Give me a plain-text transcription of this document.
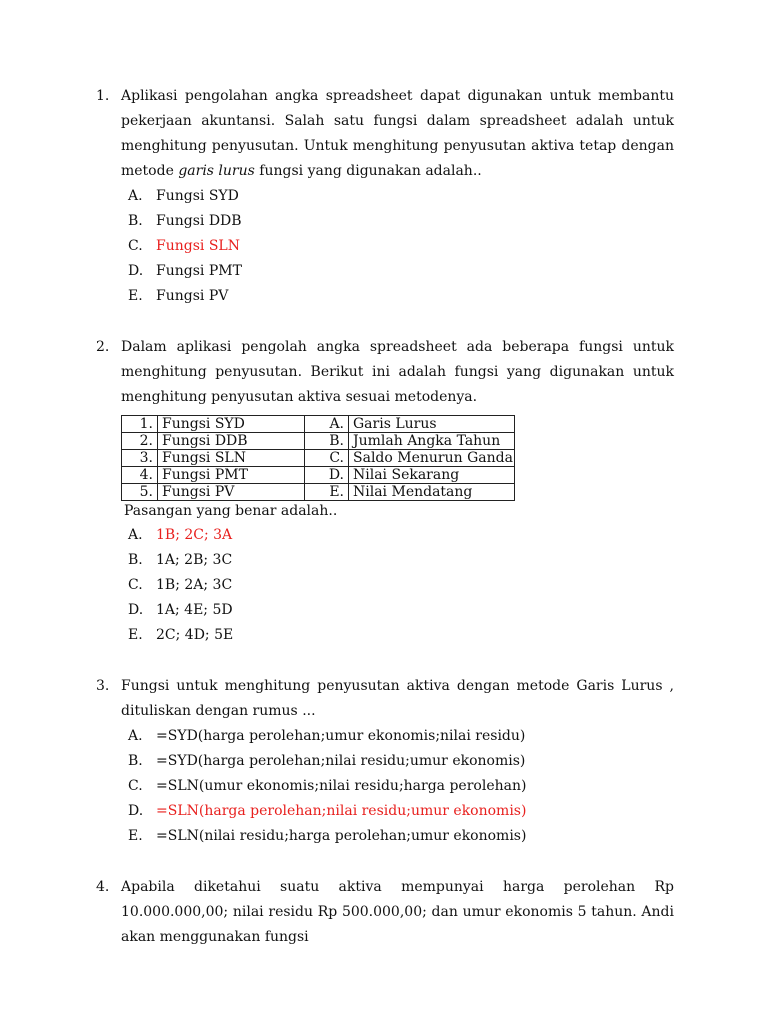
1. Aplikasi pengolahan angka spreadsheet dapat digunakan untuk membantu pekerjaan akuntansi. Salah satu fungsi dalam spreadsheet adalah untuk menghitung penyusutan. Untuk menghitung penyusutan aktiva tetap dengan metode garis lurus fungsi yang digunakan adalah..
A. Fungsi SYD
B. Fungsi DDB
C. Fungsi SLN
D. Fungsi PMT
E. Fungsi PV
2. Dalam aplikasi pengolah angka spreadsheet ada beberapa fungsi untuk menghitung penyusutan. Berikut ini adalah fungsi yang digunakan untuk menghitung penyusutan aktiva sesuai metodenya.
1.	Fungsi SYD	A.	Garis Lurus
2.	Fungsi DDB	B.	Jumlah Angka Tahun
3.	Fungsi SLN	C.	Saldo Menurun Ganda
4.	Fungsi PMT	D.	Nilai Sekarang
5.	Fungsi PV	E.	Nilai Mendatang
Pasangan yang benar adalah..
A. 1B; 2C; 3A
B. 1A; 2B; 3C
C. 1B; 2A; 3C
D. 1A; 4E; 5D
E. 2C; 4D; 5E
3. Fungsi untuk menghitung penyusutan aktiva dengan metode Garis Lurus , dituliskan dengan rumus ...
A. =SYD(harga perolehan;umur ekonomis;nilai residu)
B. =SYD(harga perolehan;nilai residu;umur ekonomis)
C. =SLN(umur ekonomis;nilai residu;harga perolehan)
D. =SLN(harga perolehan;nilai residu;umur ekonomis)
E. =SLN(nilai residu;harga perolehan;umur ekonomis)
4. Apabila diketahui suatu aktiva mempunyai harga perolehan Rp 10.000.000,00; nilai residu Rp 500.000,00; dan umur ekonomis 5 tahun. Andi akan menggunakan fungsi
